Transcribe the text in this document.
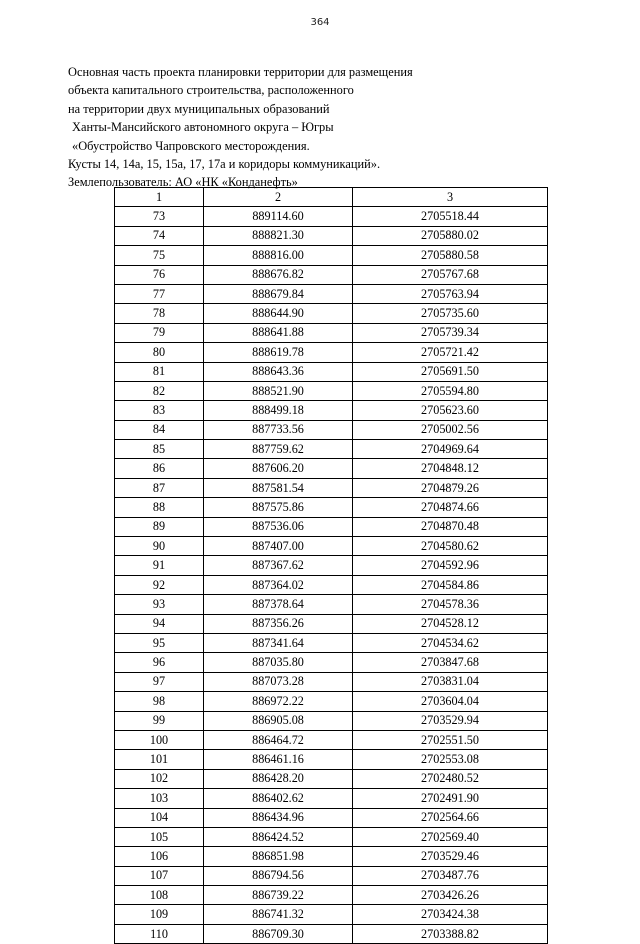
364
Основная часть проекта планировки территории для размещения
объекта капитального строительства, расположенного
на территории двух муниципальных образований
Ханты-Мансийского автономного округа – Югры
«Обустройство Чапровского месторождения.
Кусты 14, 14а, 15, 15а, 17, 17а и коридоры коммуникаций».
Землепользователь: АО «НК «Конданефть»
1	2	3
73	889114.60	2705518.44
74	888821.30	2705880.02
75	888816.00	2705880.58
76	888676.82	2705767.68
77	888679.84	2705763.94
78	888644.90	2705735.60
79	888641.88	2705739.34
80	888619.78	2705721.42
81	888643.36	2705691.50
82	888521.90	2705594.80
83	888499.18	2705623.60
84	887733.56	2705002.56
85	887759.62	2704969.64
86	887606.20	2704848.12
87	887581.54	2704879.26
88	887575.86	2704874.66
89	887536.06	2704870.48
90	887407.00	2704580.62
91	887367.62	2704592.96
92	887364.02	2704584.86
93	887378.64	2704578.36
94	887356.26	2704528.12
95	887341.64	2704534.62
96	887035.80	2703847.68
97	887073.28	2703831.04
98	886972.22	2703604.04
99	886905.08	2703529.94
100	886464.72	2702551.50
101	886461.16	2702553.08
102	886428.20	2702480.52
103	886402.62	2702491.90
104	886434.96	2702564.66
105	886424.52	2702569.40
106	886851.98	2703529.46
107	886794.56	2703487.76
108	886739.22	2703426.26
109	886741.32	2703424.38
110	886709.30	2703388.82
